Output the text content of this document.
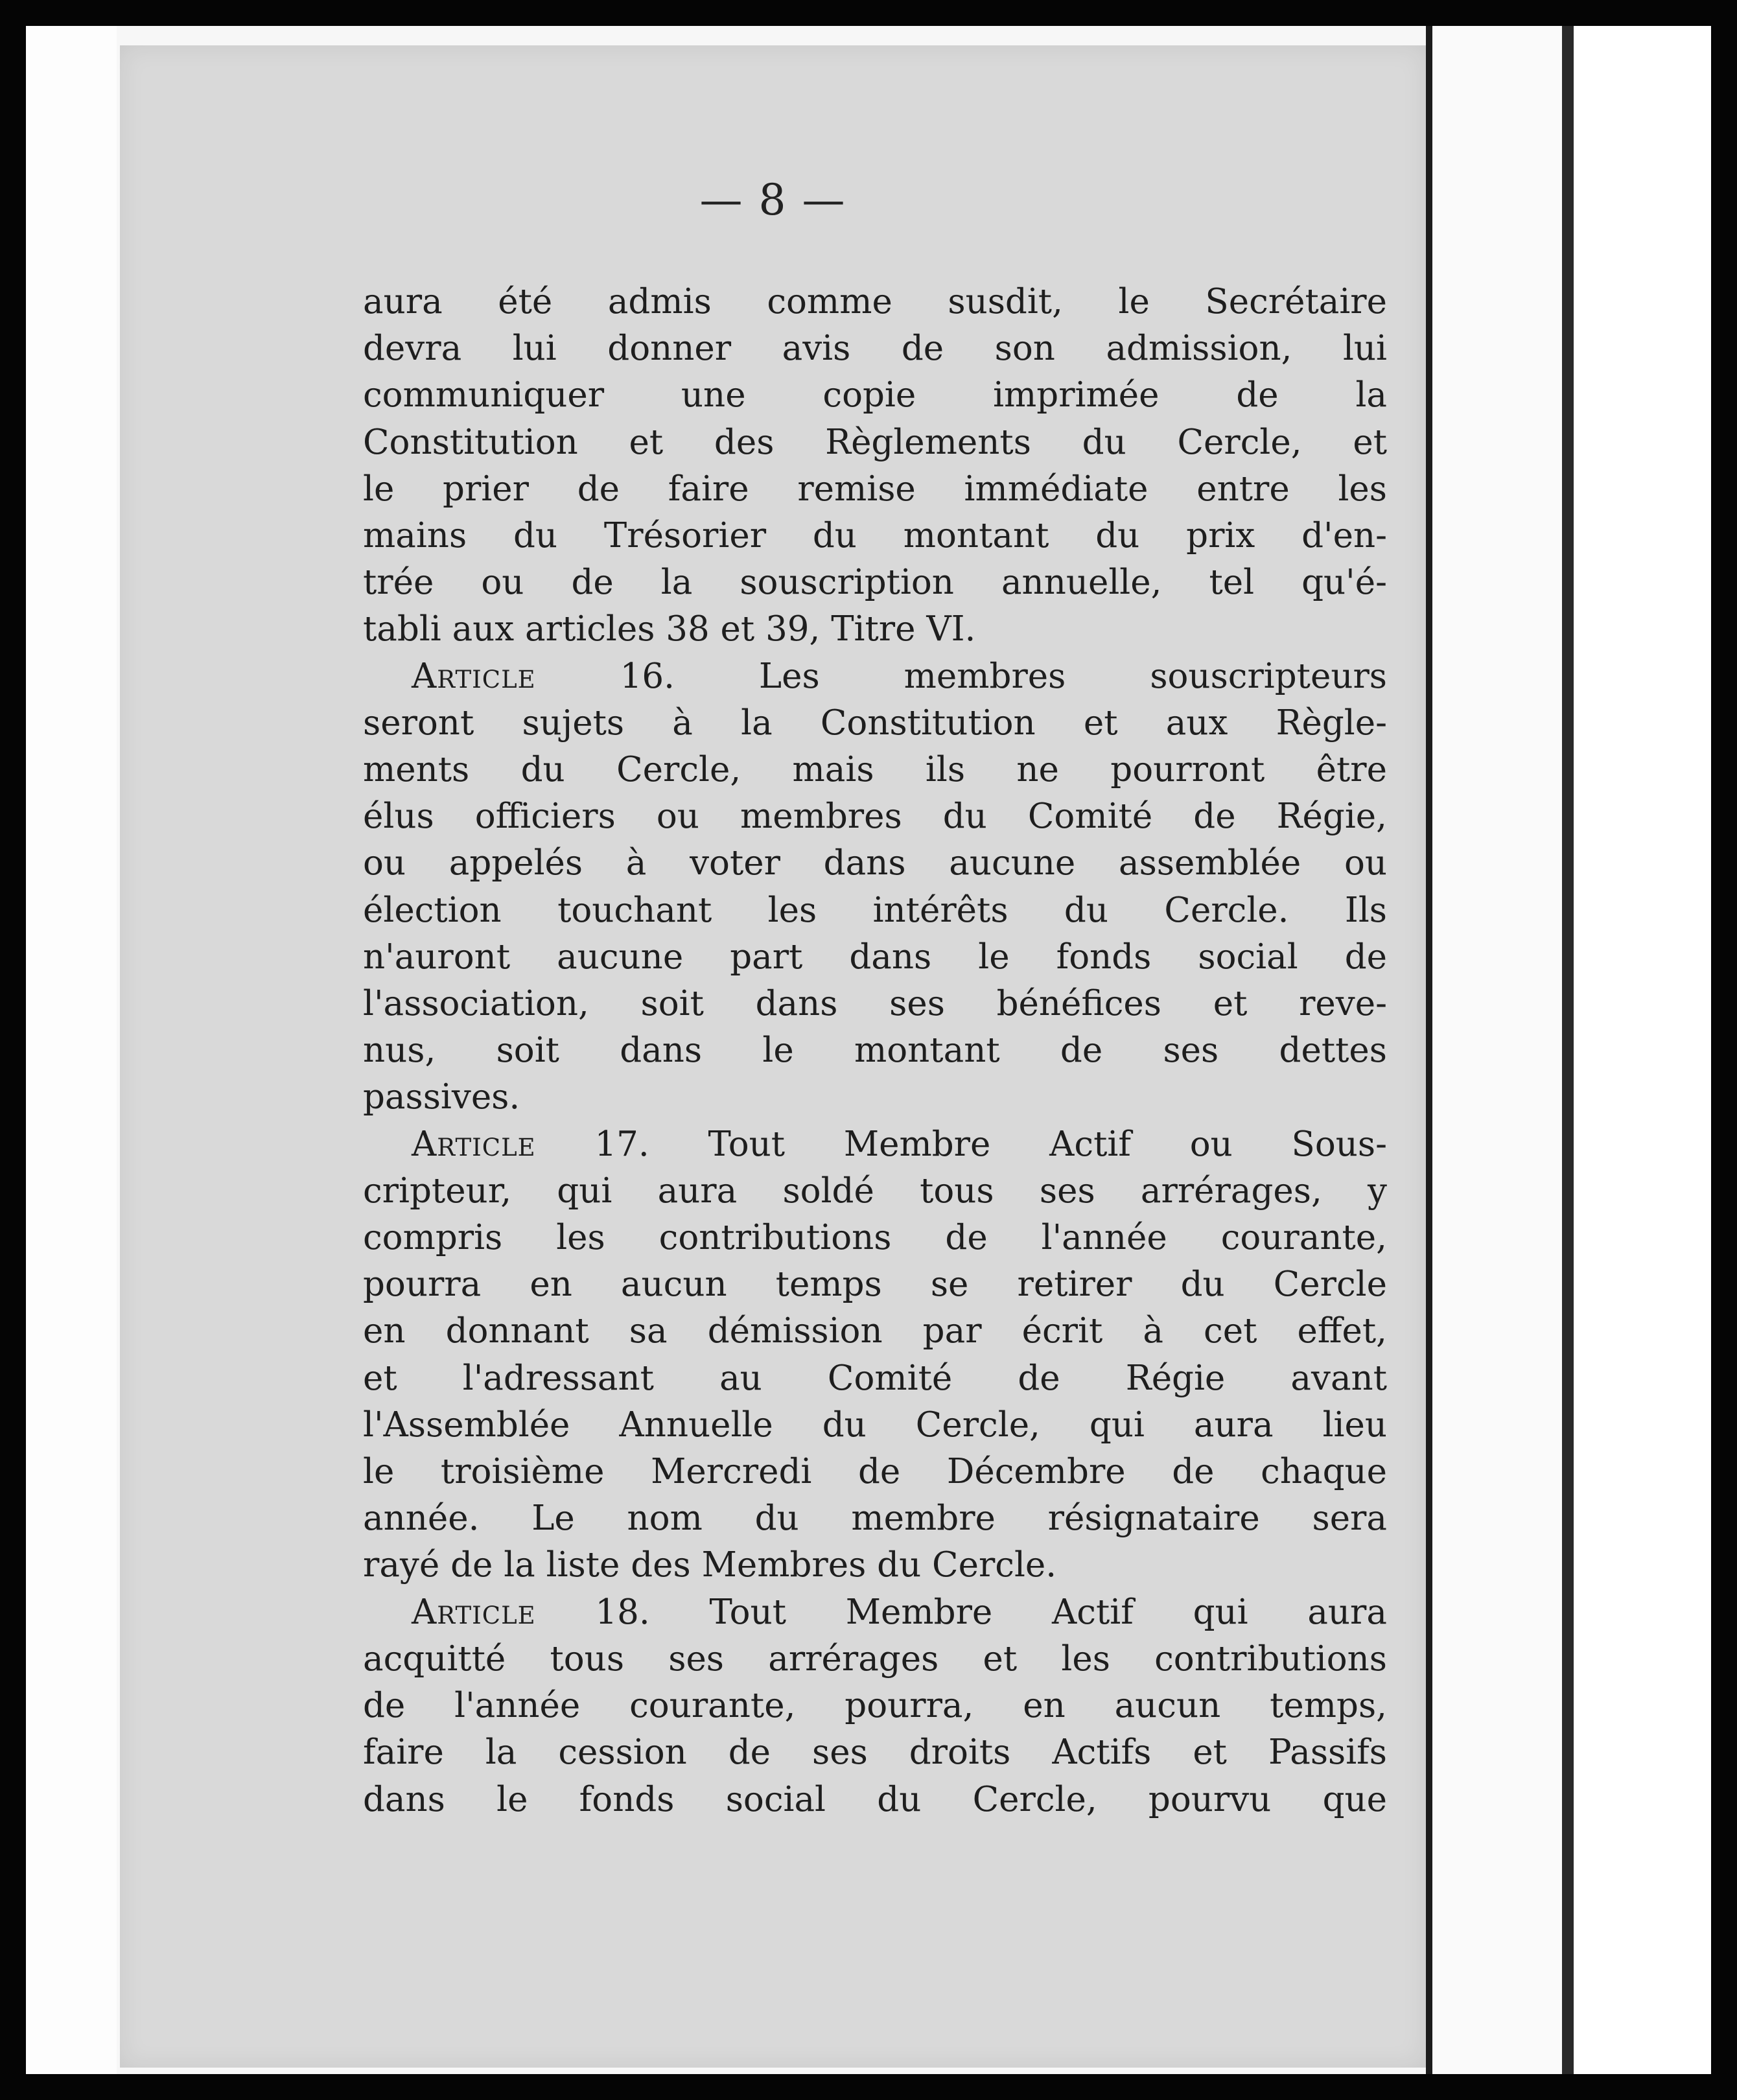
— 8 —
aura été admis comme susdit, le Secrétaire
devra lui donner avis de son admission, lui
communiquer une copie imprimée de la
Constitution et des Règlements du Cercle, et
le prier de faire remise immédiate entre les
mains du Trésorier du montant du prix d'en-
trée ou de la souscription annuelle, tel qu'é-
tabli aux articles 38 et 39, Titre VI.
Article 16. Les membres souscripteurs
seront sujets à la Constitution et aux Règle-
ments du Cercle, mais ils ne pourront être
élus officiers ou membres du Comité de Régie,
ou appelés à voter dans aucune assemblée ou
élection touchant les intérêts du Cercle. Ils
n'auront aucune part dans le fonds social de
l'association, soit dans ses bénéfices et reve-
nus, soit dans le montant de ses dettes
passives.
Article 17. Tout Membre Actif ou Sous-
cripteur, qui aura soldé tous ses arrérages, y
compris les contributions de l'année courante,
pourra en aucun temps se retirer du Cercle
en donnant sa démission par écrit à cet effet,
et l'adressant au Comité de Régie avant
l'Assemblée Annuelle du Cercle, qui aura lieu
le troisième Mercredi de Décembre de chaque
année. Le nom du membre résignataire sera
rayé de la liste des Membres du Cercle.
Article 18. Tout Membre Actif qui aura
acquitté tous ses arrérages et les contributions
de l'année courante, pourra, en aucun temps,
faire la cession de ses droits Actifs et Passifs
dans le fonds social du Cercle, pourvu que
